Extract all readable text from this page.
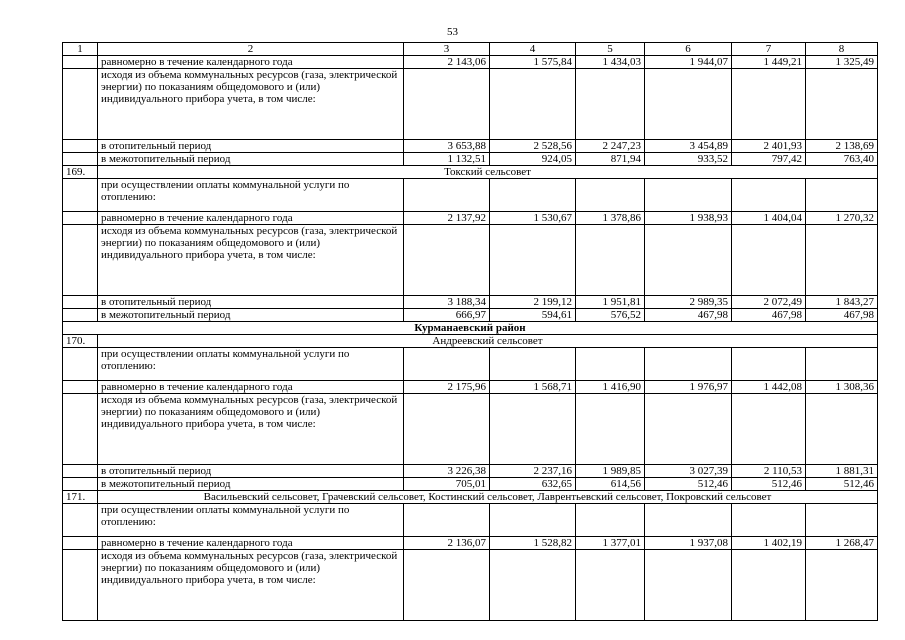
53
1	2	3	4	5	6	7	8
	равномерно в течение календарного года	2 143,06	1 575,84	1 434,03	1 944,07	1 449,21	1 325,49
	исходя из объема коммунальных ресурсов (газа, электрической энергии) по показаниям общедомового и (или) индивидуального прибора учета, в том числе:						
	в отопительный период	3 653,88	2 528,56	2 247,23	3 454,89	2 401,93	2 138,69
	в межотопительный период	1 132,51	924,05	871,94	933,52	797,42	763,40
169.	Токский сельсовет						
	при осуществлении оплаты коммунальной услуги по отоплению:						
	равномерно в течение календарного года	2 137,92	1 530,67	1 378,86	1 938,93	1 404,04	1 270,32
	исходя из объема коммунальных ресурсов (газа, электрической энергии) по показаниям общедомового и (или) индивидуального прибора учета, в том числе:						
	в отопительный период	3 188,34	2 199,12	1 951,81	2 989,35	2 072,49	1 843,27
	в межотопительный период	666,97	594,61	576,52	467,98	467,98	467,98
Курманаевский район							
170.	Андреевский сельсовет						
	при осуществлении оплаты коммунальной услуги по отоплению:						
	равномерно в течение календарного года	2 175,96	1 568,71	1 416,90	1 976,97	1 442,08	1 308,36
	исходя из объема коммунальных ресурсов (газа, электрической энергии) по показаниям общедомового и (или) индивидуального прибора учета, в том числе:						
	в отопительный период	3 226,38	2 237,16	1 989,85	3 027,39	2 110,53	1 881,31
	в межотопительный период	705,01	632,65	614,56	512,46	512,46	512,46
171.	Васильевский сельсовет, Грачевский сельсовет, Костинский сельсовет, Лаврентьевский сельсовет, Покровский сельсовет						
	при осуществлении оплаты коммунальной услуги по отоплению:						
	равномерно в течение календарного года	2 136,07	1 528,82	1 377,01	1 937,08	1 402,19	1 268,47
	исходя из объема коммунальных ресурсов (газа, электрической энергии) по показаниям общедомового и (или) индивидуального прибора учета, в том числе:						
